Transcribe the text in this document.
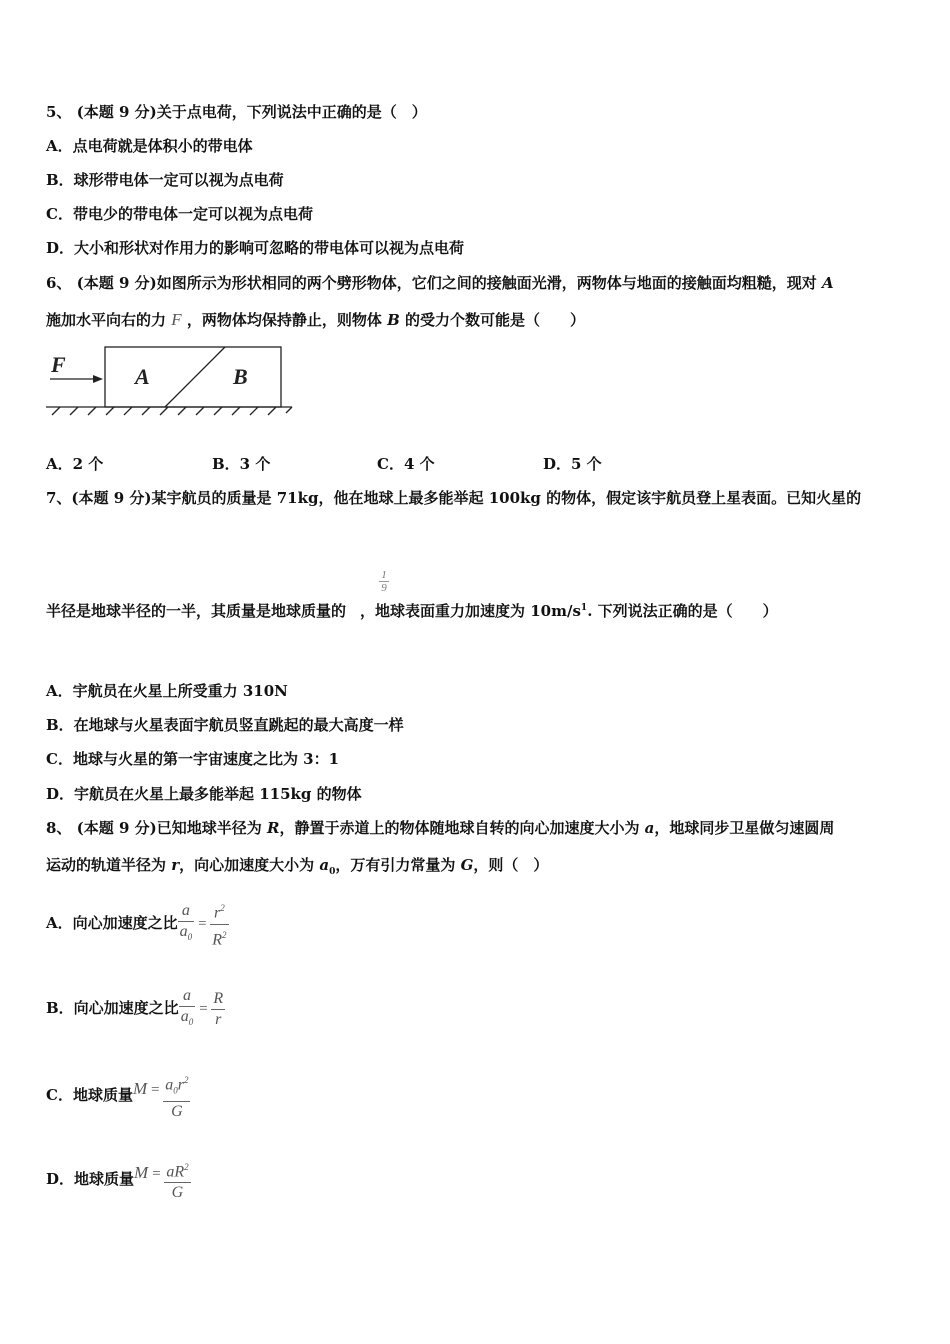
5、 (本题 9 分)关于点电荷，下列说法中正确的是（　）
A．点电荷就是体积小的带电体
B．球形带电体一定可以视为点电荷
C．带电少的带电体一定可以视为点电荷
D．大小和形状对作用力的影响可忽略的带电体可以视为点电荷
6、 (本题 9 分)如图所示为形状相同的两个劈形物体，它们之间的接触面光滑，两物体与地面的接触面均粗糙，现对 A
施加水平向右的力 F ，两物体均保持静止，则物体 B 的受力个数可能是（　　）
F	A	B
A．2 个	B．3 个	C．4 个	D．5 个
7、(本题 9 分)某宇航员的质量是 71kg，他在地球上最多能举起 100kg 的物体，假定该宇航员登上星表面。已知火星的
$\frac{1}{9}$
半径是地球半径的一半，其质量是地球质量的 ，地球表面重力加速度为 $10m/s^1$. 下列说法正确的是（　　）
A．宇航员在火星上所受重力 310N
B．在地球与火星表面宇航员竖直跳起的最大高度一样
C．地球与火星的第一宇宙速度之比为 3：1
D．宇航员在火星上最多能举起 115kg 的物体
8、 (本题 9 分)已知地球半径为 R，静置于赤道上的物体随地球自转的向心加速度大小为 a，地球同步卫星做匀速圆周
运动的轨道半径为 r，向心加速度大小为 $a_0$，万有引力常量为 G，则（　）
A．向心加速度之比 $\frac{a}{a_0} = \frac{r^2}{R^2}$
B．向心加速度之比 $\frac{a}{a_0} = \frac{R}{r}$
C．地球质量$M = \frac{a_0r^2}{G}$
D．地球质量$M = \frac{aR^2}{G}$
